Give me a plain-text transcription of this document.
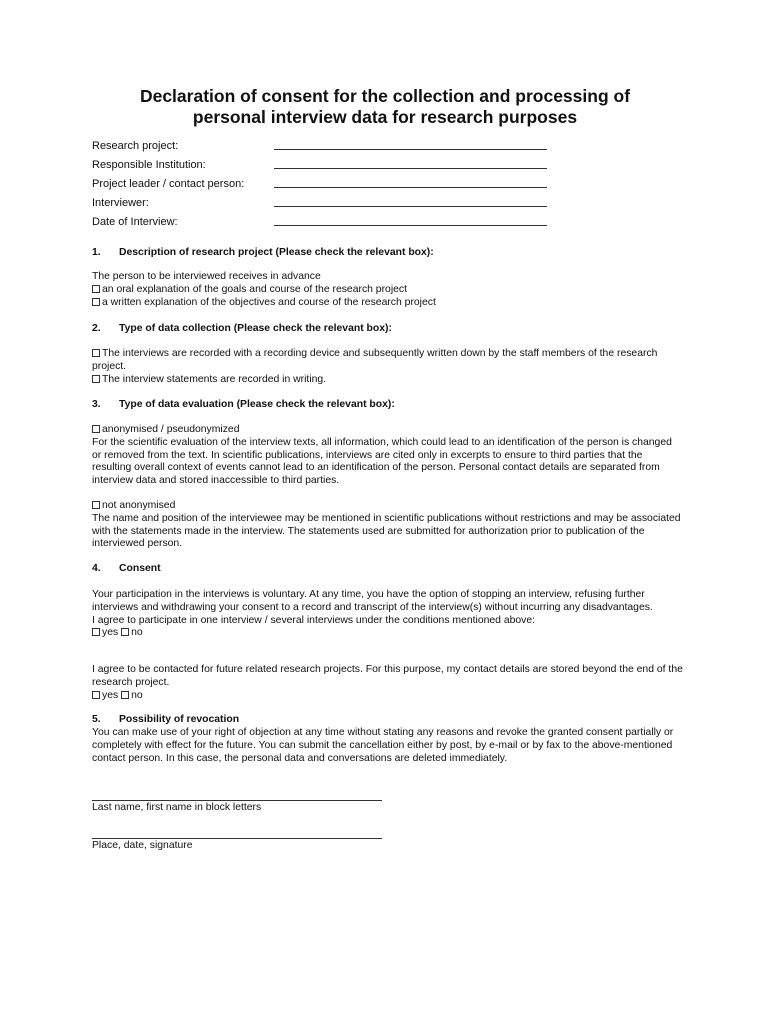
Declaration of consent for the collection and processing of
personal interview data for research purposes
Research project:
Responsible Institution:
Project leader / contact person:
Interviewer:
Date of Interview:
1. Description of research project (Please check the relevant box):

The person to be interviewed receives in advance

an oral explanation of the goals and course of the research project
a written explanation of the objectives and course of the research project
2. Type of data collection (Please check the relevant box):
The interviews are recorded with a recording device and subsequently written down by the staff members of the research project.
The interview statements are recorded in writing.
3. Type of data evaluation (Please check the relevant box):
anonymised / pseudonymized

For the scientific evaluation of the interview texts, all information, which could lead to an identification of the person is changed or removed from the text. In scientific publications, interviews are cited only in excerpts to ensure to third parties that the resulting overall context of events cannot lead to an identification of the person. Personal contact details are separated from interview data and stored inaccessible to third parties.

not anonymised

The name and position of the interviewee may be mentioned in scientific publications without restrictions and may be associated with the statements made in the interview. The statements used are submitted for authorization prior to publication of the interviewed person.

4. Consent

Your participation in the interviews is voluntary. At any time, you have the option of stopping an interview, refusing further interviews and withdrawing your consent to a record and transcript of the interview(s) without incurring any disadvantages.

I agree to participate in one interview / several interviews under the conditions mentioned above:

yes no

I agree to be contacted for future related research projects. For this purpose, my contact details are stored beyond the end of the research project.

yes no
5. Possibility of revocation

You can make use of your right of objection at any time without stating any reasons and revoke the granted consent partially or completely with effect for the future. You can submit the cancellation either by post, by e-mail or by fax to the above-mentioned contact person. In this case, the personal data and conversations are deleted immediately.

Last name, first name in block letters
Place, date, signature
